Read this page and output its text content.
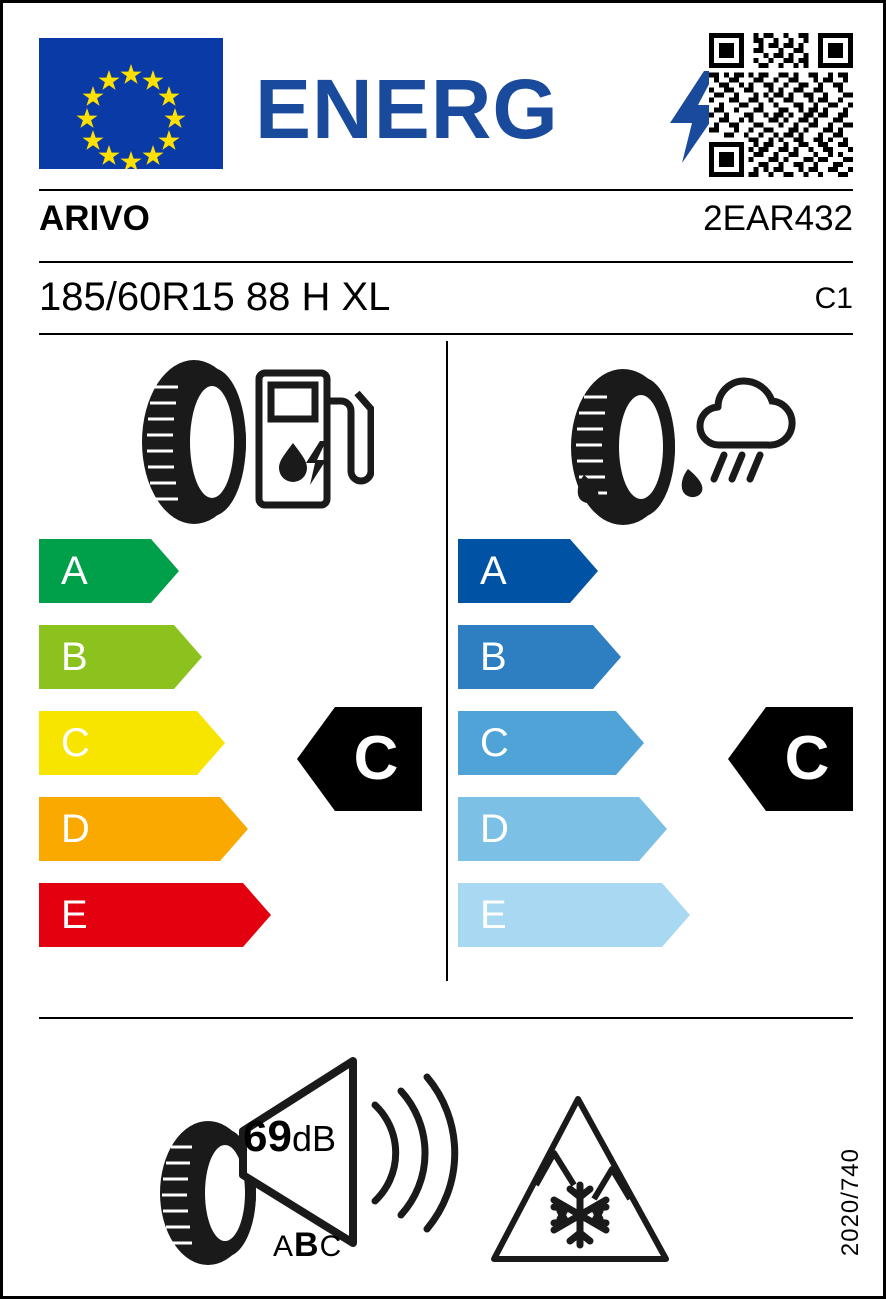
ENERG
ARIVO	2EAR432
185/60R15 88 H XL	C1
A
B
C
D
E
C
A
B
C
D
E
C
69dB
ABC	2020/740
